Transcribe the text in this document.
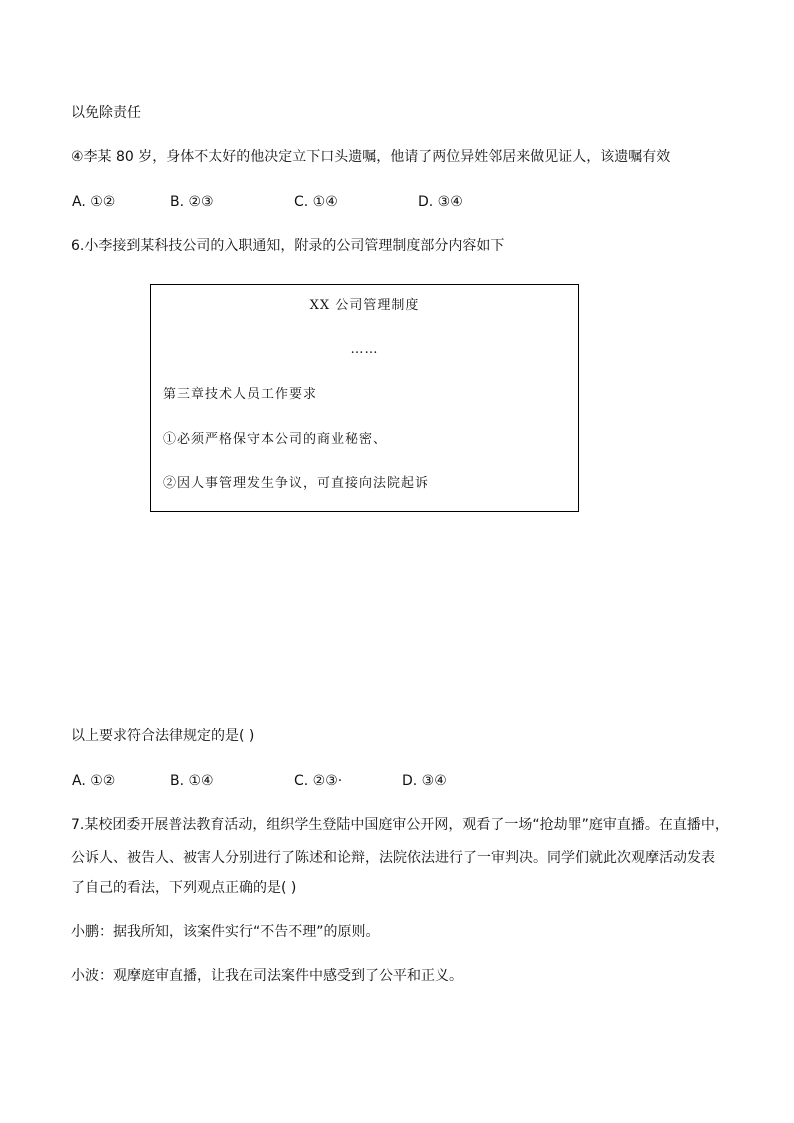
以免除责任
④李某 80 岁，身体不太好的他决定立下口头遗嘱，他请了两位异姓邻居来做见证人，该遗嘱有效
A. ①②	B. ②③	C. ①④	D. ③④
6.小李接到某科技公司的入职通知，附录的公司管理制度部分内容如下
XX 公司管理制度
……
第三章技术人员工作要求
①必须严格保守本公司的商业秘密、
②因人事管理发生争议，可直接向法院起诉
以上要求符合法律规定的是( )
A. ①②	B. ①④	C. ②③·	D. ③④
7.某校团委开展普法教育活动，组织学生登陆中国庭审公开网，观看了一场“抢劫罪”庭审直播。在直播中，
公诉人、被告人、被害人分别进行了陈述和论辩，法院依法进行了一审判决。同学们就此次观摩活动发表
了自己的看法，下列观点正确的是( )
小鹏：据我所知，该案件实行“不告不理”的原则。
小波：观摩庭审直播，让我在司法案件中感受到了公平和正义。
